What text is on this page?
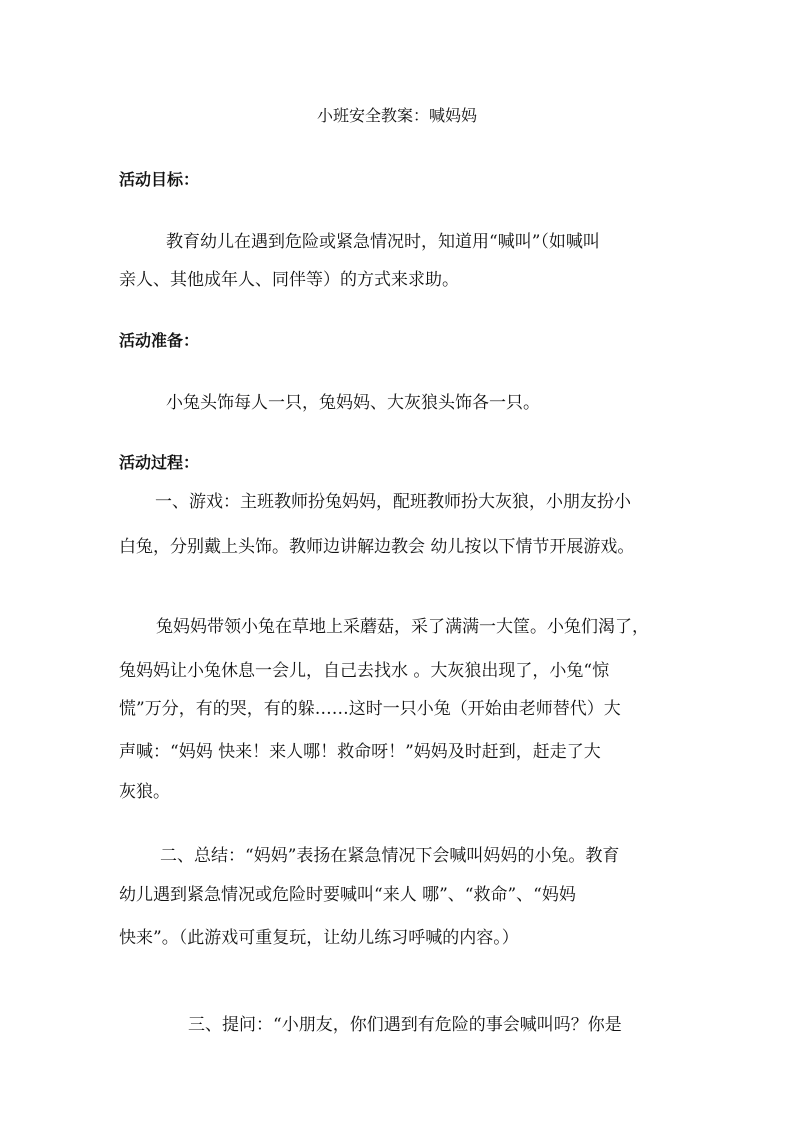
小班安全教案：喊妈妈
活动目标：
教育幼儿在遇到危险或紧急情况时，知道用“喊叫”（如喊叫
亲人、其他成年人、同伴等）的方式来求助。
活动准备：
小兔头饰每人一只，兔妈妈、大灰狼头饰各一只。
活动过程：
一、游戏：主班教师扮兔妈妈，配班教师扮大灰狼，小朋友扮小
白兔，分别戴上头饰。教师边讲解边教会 幼儿按以下情节开展游戏。
兔妈妈带领小兔在草地上采蘑菇，采了满满一大筐。小兔们渴了，
兔妈妈让小兔休息一会儿，自己去找水 。大灰狼出现了，小兔“惊
慌”万分，有的哭，有的躲……这时一只小兔（开始由老师替代）大
声喊：“妈妈 快来！来人哪！救命呀！”妈妈及时赶到，赶走了大
灰狼。
二、总结：“妈妈”表扬在紧急情况下会喊叫妈妈的小兔。教育
幼儿遇到紧急情况或危险时要喊叫“来人 哪”、“救命”、“妈妈
快来”。（此游戏可重复玩，让幼儿练习呼喊的内容。）
三、提问：“小朋友，你们遇到有危险的事会喊叫吗？你是
